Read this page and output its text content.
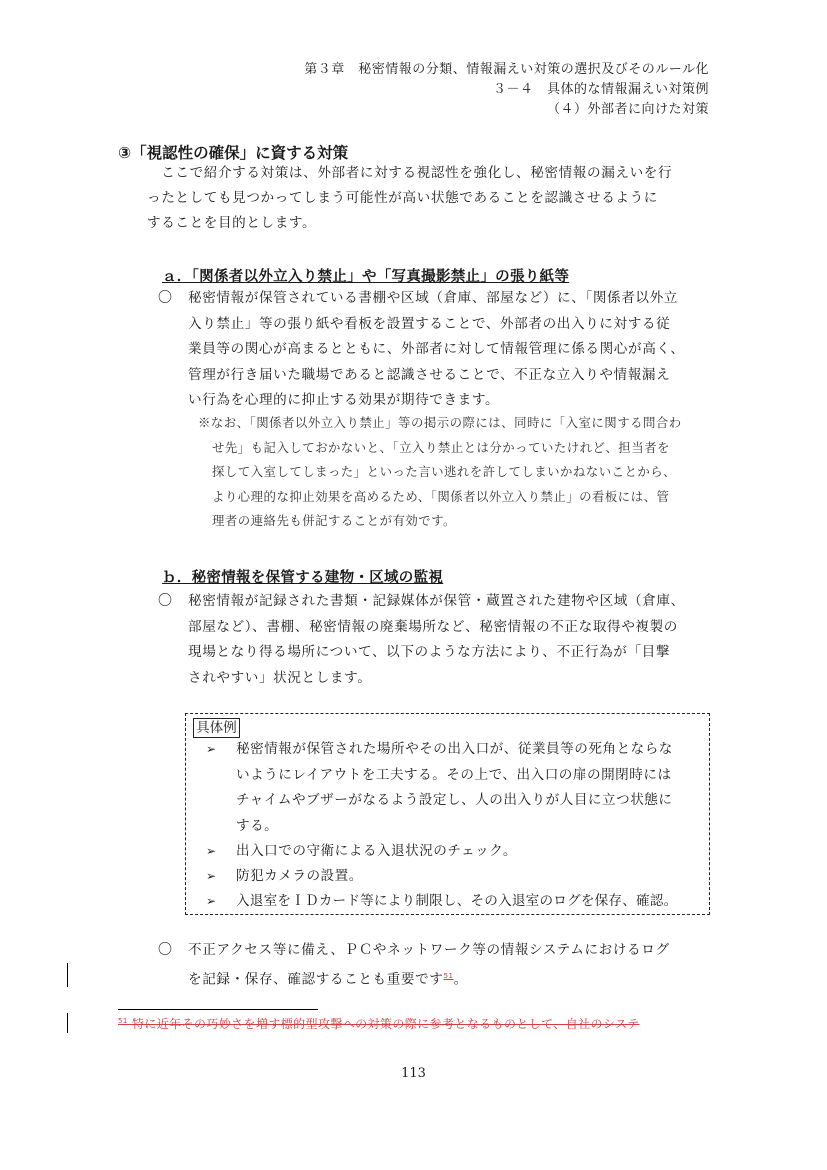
第３章　秘密情報の分類、情報漏えい対策の選択及びそのルール化
３－４　具体的な情報漏えい対策例
（４）外部者に向けた対策
③「視認性の確保」に資する対策
　ここで紹介する対策は、外部者に対する視認性を強化し、秘密情報の漏えいを行
ったとしても見つかってしまう可能性が高い状態であることを認識させるように
することを目的とします。
ａ．「関係者以外立入り禁止」や「写真撮影禁止」の張り紙等
〇 秘密情報が保管されている書棚や区域（倉庫、部屋など）に、「関係者以外立
入り禁止」等の張り紙や看板を設置することで、外部者の出入りに対する従
業員等の関心が高まるとともに、外部者に対して情報管理に係る関心が高く、
管理が行き届いた職場であると認識させることで、不正な立入りや情報漏え
い行為を心理的に抑止する効果が期待できます。
※なお、「関係者以外立入り禁止」等の掲示の際には、同時に「入室に関する問合わ
せ先」も記入しておかないと、「立入り禁止とは分かっていたけれど、担当者を
探して入室してしまった」といった言い逃れを許してしまいかねないことから、
より心理的な抑止効果を高めるため、「関係者以外立入り禁止」の看板には、管
理者の連絡先も併記することが有効です。
ｂ．秘密情報を保管する建物・区域の監視
〇 秘密情報が記録された書類・記録媒体が保管・蔵置された建物や区域（倉庫、
部屋など）、書棚、秘密情報の廃棄場所など、秘密情報の不正な取得や複製の
現場となり得る場所について、以下のような方法により、不正行為が「目撃
されやすい」状況とします。
具体例
➢ 秘密情報が保管された場所やその出入口が、従業員等の死角とならな
いようにレイアウトを工夫する。その上で、出入口の扉の開閉時には
チャイムやブザーがなるよう設定し、人の出入りが人目に立つ状態に
する。
➢ 出入口での守衛による入退状況のチェック。
➢ 防犯カメラの設置。
➢ 入退室をＩＤカード等により制限し、その入退室のログを保存、確認。
〇 不正アクセス等に備え、ＰＣやネットワーク等の情報システムにおけるログ
を記録・保存、確認することも重要です$^{51}$。
$^{51}$ 特に近年その巧妙さを増す標的型攻撃への対策の際に参考となるものとして、自社のシステ
113
